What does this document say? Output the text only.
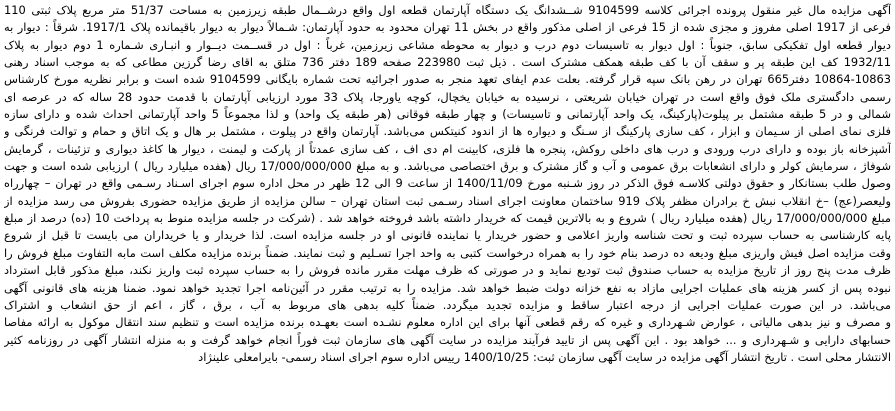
آگهی مزایده مال غیر منقول پرونده اجرائی کلاسه 9104599 شــشدانگ یک دستگاه آپارتمان قطعه اول واقع درشــمال طبقه زیرزمین به مساحت 51/37 متر مربع پلاک ثبتی 110
فرعی از 1917 اصلی مفروز و مجزی شده از 15 فرعی از اصلی مذکور واقع در بخش 11 تهران محدود به حدود آپارتمان: شـمالاً دیوار به دیوار باقیمانده پلاک 1917/1. شرقاً : دیوار به
دیوار قطعه اول تفکیکی سابق، جنوباً : اول دیوار به تاسیسات دوم درب و دیوار به محوطه مشاعی زیرزمین، غرباً : اول در قســمت دیــوار و انبـاری شـماره 1 دوم دیوار به پلاک
1932/11 کف این طبقه پر و سقف آن با کف طبقه همکف مشترک است . ذیل ثبت 223980 صفحه 189 دفتر 736 متلق به اقای رضا گرزین مطاعی که به موجب اسناد رهنی
10864-10863 دفتر665 تهران در رهن بانک سپه قرار گرفته. بعلت عدم ایفای تعهد منجر به صدور اجرائیه تحت شماره بایگانی 9104599 شده است و برابر نظریه مورخ کارشناس
رسمی دادگستری ملک فوق واقع است در تهران خیابان شریعتی ، نرسیده به خیابان یخچال، کوچه یاورجا، پلاک 33 مورد ارزیابی آپارتمان با قدمت حدود 28 ساله که در عرصه ای
شمالی و در 5 طبقه مشتمل بر پیلوت(پارکینگ، یک واحد آپارتمانی و تاسیسات) و چهار طبقه فوقانی (هر طبقه یک واحد) و لذا مجموعاً 5 واحد آپارتمانی احداث شده و دارای سازه
فلزی نمای اصلی از سـیمان و ابزار ، کف سازی پارکینگ از سـنگ و دیواره ها از اندود کنیتکس می‌باشد. آپارتمان واقع در پیلوت ، مشتمل بر هال و یک اتاق و حمام و توالت فرنگی و
آشپزخانه باز بوده و دارای درب ورودی و درب های داخلی روکش، پنجره ها فلزی، کابینت ام دی اف ، کف سازی عمدتاً از پارکت و لیمنت ، دیوار ها کاغذ دیواری و تزئینات ، گرمایش
شوفاژ ، سرمایش کولر و دارای انشعابات برق عمومی و آب و گاز مشترک و برق اختصاصی می‌باشد. و به مبلغ 17/000/000/000 ریال (هفده میلیارد ریال ) ارزیابی شده است و جهت
وصول طلب بستانکار و حقوق دولتی کلاسـه فوق الذکر در روز شـنبه مورخ 1400/11/09 از ساعت 9 الی 12 ظهر در محل اداره سوم اجرای اسـناد رسـمی واقع در تهران – چهارراه
ولیعصر(عج) –خ انقلاب نبش خ برادران مظفر پلاک 919 ساختمان معاونت اجرای اسناد رسـمی ثبت استان تهران – سالن مزایده از طریق مزایده حضوری بفروش می رسد مزایده از
مبلغ 17/000/000/000 ریال (هفده میلیارد ریال ) شروع و به بالاترین قیمت که خریدار داشته باشد فروخته خواهد شد . (شرکت در جلسه مزایده منوط به پرداخت 10 (ده) درصد از مبلغ
پایه کارشناسی به حساب سپرده ثبت و تحت شناسه واریز اعلامی و حضور خریدار یا نماینده قانونی او در جلسه مزایده است. لذا خریدار و یا خریداران می بایست تا قبل از شروع
وقت مزایده اصل فیش واریزی مبلغ ودیعه ده درصد بنام خود را به همراه درخواست کتبی به واحد اجرا تسـلیم و ثبت نمایند. ضمناً برنده مزایده مکلف است مابه التفاوت مبلغ فروش را
ظرف مدت پنج روز از تاریخ مزایده به حساب صندوق ثبت تودیع نماید و در صورتی که ظرف مهلت مقرر مانده فروش را به حساب سپرده ثبت واریز نکند، مبلغ مذکور قابل استرداد
نبوده پس از کسر هزینه های عملیات اجرایی مازاد به نفع خزانه دولت ضبط خواهد شد. مزایده را به ترتیب مقرر در آئین‌نامه اجرا تجدید خواهد نمود. ضمنا هزینه های قانونی آگهی
می‌باشد. در این صورت عملیات اجرایی از درجه اعتبار ساقط و مزایده تجدید میگردد. ضمناً کلیه بدهی های مربوط به آب ، برق ، گاز ، اعم از حق انشعاب و اشتراک
و مصرف و نیز بدهی مالیاتی ، عوارض شـهرداری و غیره که رقم قطعی آنها برای این اداره معلوم نشـده است بعهـده برنده مزایده است و تنظیم سند انتقال موکول به ارائه مفاصا
حسابهای دارایی و شـهرداری و ... خواهد بود . این آگهی پس از تایید فرآیند مزایده در سایت آگهی های سازمان ثبت فوراً انجام خواهد گرفت و به منزله انتشار آگهی در روزنامه کثیر
الانتشار محلی است . تاریخ انتشار آگهی مزایده در سایت آگهی سازمان ثبت: 1400/10/25 رییس اداره سوم اجرای اسناد رسمی- بایرامعلی علینژاد
